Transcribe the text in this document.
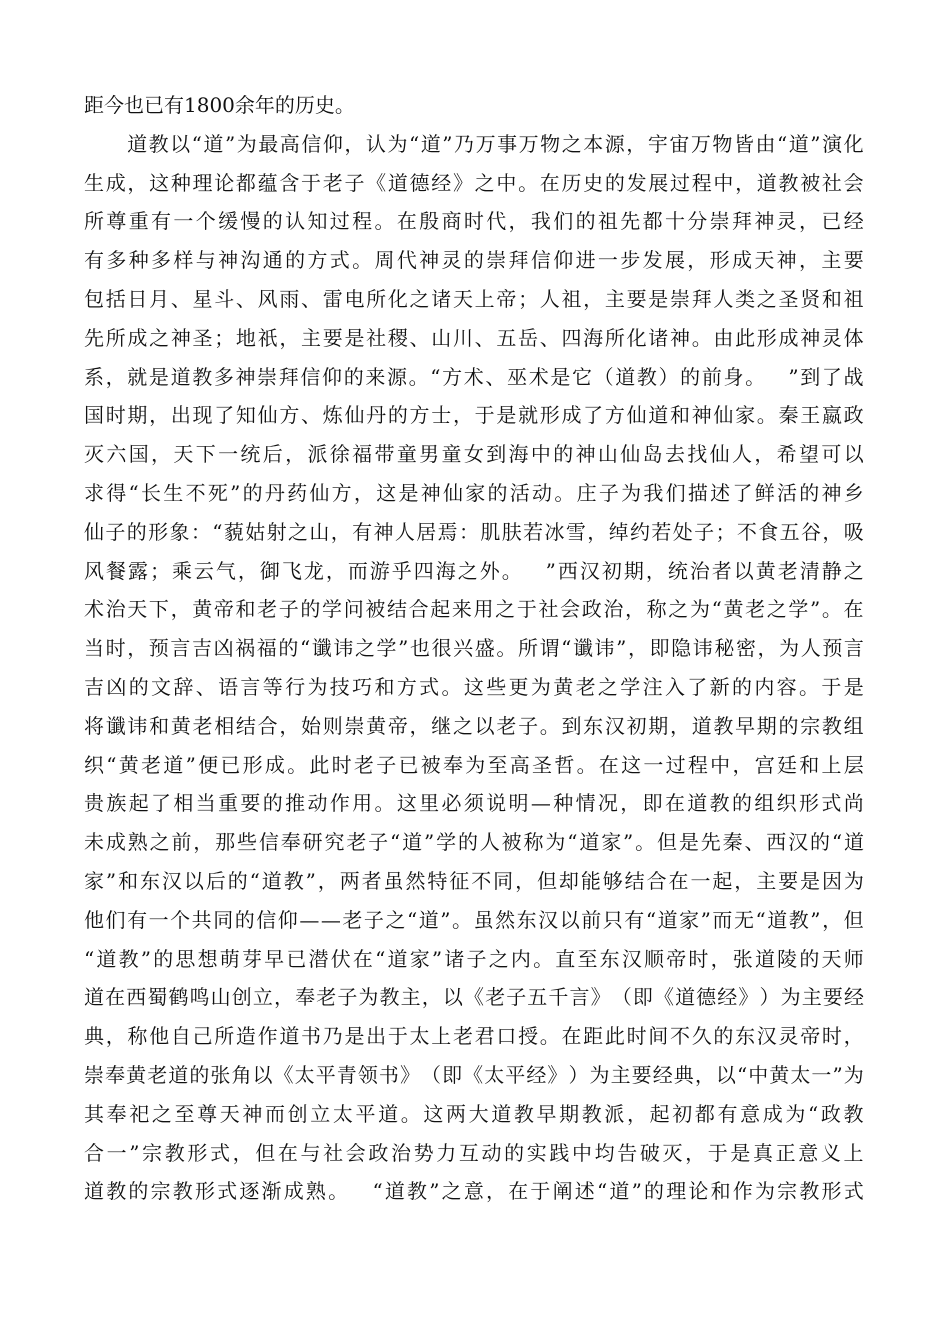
距今也已有1800余年的历史。

道 教 以 “ 道 ” 为 最 高 信 仰 ， 认 为 “ 道 ” 乃 万 事 万 物 之 本 源 ， 宇 宙 万 物 皆 由 “ 道 ” 演 化
生 成 ， 这 种 理 论 都 蕴 含 于 老 子 《 道 德 经 》 之 中 。 在 历 史 的 发 展 过 程 中 ， 道 教 被 社 会
所 尊 重 有 一 个 缓 慢 的 认 知 过 程 。 在 殷 商 时 代 ， 我 们 的 祖 先 都 十 分 崇 拜 神 灵 ， 已 经
有 多 种 多 样 与 神 沟 通 的 方 式 。 周 代 神 灵 的 崇 拜 信 仰 进 一 步 发 展 ， 形 成 天 神 ， 主 要
包 括 日 月 、 星 斗 、 风 雨 、 雷 电 所 化 之 诸 天 上 帝 ； 人 祖 ， 主 要 是 崇 拜 人 类 之 圣 贤 和 祖
先 所 成 之 神 圣 ； 地 祇 ， 主 要 是 社 稷 、 山 川 、 五 岳 、 四 海 所 化 诸 神 。 由 此 形 成 神 灵 体
系 ， 就 是 道 教 多 神 崇 拜 信 仰 的 来 源 。 “ 方 术 、 巫 术 是 它 （ 道 教 ） 的 前 身 。
　 ” 到 了 战
国 时 期 ， 出 现 了 知 仙 方 、 炼 仙 丹 的 方 士 ， 于 是 就 形 成 了 方 仙 道 和 神 仙 家 。 秦 王 嬴 政
灭 六 国 ， 天 下 一 统 后 ， 派 徐 福 带 童 男 童 女 到 海 中 的 神 山 仙 岛 去 找 仙 人 ， 希 望 可 以
求 得 “ 长 生 不 死 ” 的 丹 药 仙 方 ， 这 是 神 仙 家 的 活 动 。 庄 子 为 我 们 描 述 了 鲜 活 的 神 乡
仙 子 的 形 象 ： “ 藐 姑 射 之 山 ， 有 神 人 居 焉 ： 肌 肤 若 冰 雪 ， 绰 约 若 处 子 ； 不 食 五 谷 ， 吸
风 餐 露 ； 乘 云 气 ， 御 飞 龙 ， 而 游 乎 四 海 之 外 。
　 ” 西 汉 初 期 ， 统 治 者 以 黄 老 清 静 之
术 治 天 下 ， 黄 帝 和 老 子 的 学 问 被 结 合 起 来 用 之 于 社 会 政 治 ， 称 之 为 “ 黄 老 之 学 ” 。 在
当 时 ， 预 言 吉 凶 祸 福 的 “ 谶 讳 之 学 ” 也 很 兴 盛 。 所 谓 “ 谶 讳 ” ， 即 隐 讳 秘 密 ， 为 人 预 言
吉 凶 的 文 辞 、 语 言 等 行 为 技 巧 和 方 式 。 这 些 更 为 黄 老 之 学 注 入 了 新 的 内 容 。 于 是
将 谶 讳 和 黄 老 相 结 合 ， 始 则 崇 黄 帝 ， 继 之 以 老 子 。 到 东 汉 初 期 ， 道 教 早 期 的 宗 教 组
织 “ 黄 老 道 ” 便 已 形 成 。 此 时 老 子 已 被 奉 为 至 高 圣 哲 。 在 这 一 过 程 中 ， 宫 廷 和 上 层
贵 族 起 了 相 当 重 要 的 推 动 作 用 。 这 里 必 须 说 明 — 种 情 况 ， 即 在 道 教 的 组 织 形 式 尚
未 成 熟 之 前 ， 那 些 信 奉 研 究 老 子 “ 道 ” 学 的 人 被 称 为 “ 道 家 ” 。 但 是 先 秦 、 西 汉 的 “ 道
家 ” 和 东 汉 以 后 的 “ 道 教 ” ， 两 者 虽 然 特 征 不 同 ， 但 却 能 够 结 合 在 一 起 ， 主 要 是 因 为
他 们 有 一 个 共 同 的 信 仰 — — 老 子 之 “ 道 ” 。 虽 然 东 汉 以 前 只 有 “ 道 家 ” 而 无 “ 道 教 ” ， 但
“ 道 教 ” 的 思 想 萌 芽 早 已 潜 伏 在 “ 道 家 ” 诸 子 之 内 。 直 至 东 汉 顺 帝 时 ， 张 道 陵 的 天 师
道 在 西 蜀 鹤 鸣 山 创 立 ， 奉 老 子 为 教 主 ， 以 《 老 子 五 千 言 》 （ 即 《 道 德 经 》 ） 为 主 要 经
典 ， 称 他 自 己 所 造 作 道 书 乃 是 出 于 太 上 老 君 口 授 。 在 距 此 时 间 不 久 的 东 汉 灵 帝 时 ，
崇 奉 黄 老 道 的 张 角 以 《 太 平 青 领 书 》 （ 即 《 太 平 经 》 ） 为 主 要 经 典 ， 以 “ 中 黄 太 一 ” 为
其 奉 祀 之 至 尊 天 神 而 创 立 太 平 道 。 这 两 大 道 教 早 期 教 派 ， 起 初 都 有 意 成 为 “ 政 教
合 一 ” 宗 教 形 式 ， 但 在 与 社 会 政 治 势 力 互 动 的 实 践 中 均 告 破 灭 ， 于 是 真 正 意 义 上
道 教 的 宗 教 形 式 逐 渐 成 熟 。
　 “ 道 教 ” 之 意 ， 在 于 阐 述 “ 道 ” 的 理 论 和 作 为 宗 教 形 式
